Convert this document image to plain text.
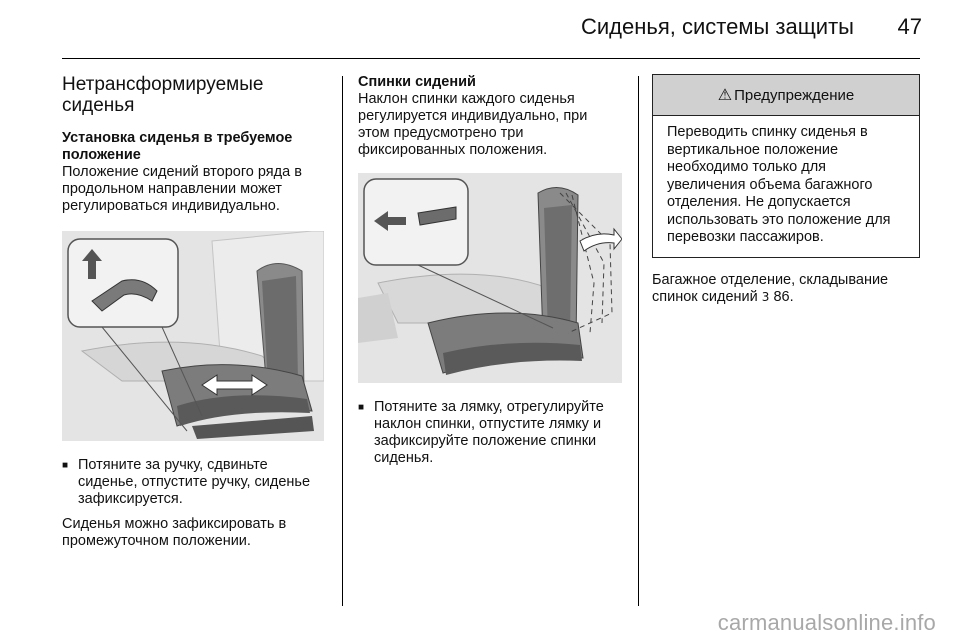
Сиденья, системы защиты 47
Нетрансформируемые сиденья
Установка сиденья в требуемое положение

Положение сидений второго ряда в продольном направлении может регулироваться индивидуально.

■ Потяните за ручку, сдвиньте сиденье, отпустите ручку, сиденье зафиксируется.

Сиденья можно зафиксировать в промежуточном положении.

Спинки сидений

Наклон спинки каждого сиденья регулируется индивидуально, при этом предусмотрено три фиксированных положения.

■ Потяните за лямку, отрегулируйте наклон спинки, отпустите лямку и зафиксируйте положение спинки сиденья.
⚠ Предупреждение
Переводить спинку сиденья в вертикальное положение необходимо только для увеличения объема багажного отделения. Не допускается использовать это положение для перевозки пассажиров.

Багажное отделение, складывание спинок сидений 3 86.

carmanualsonline.info
